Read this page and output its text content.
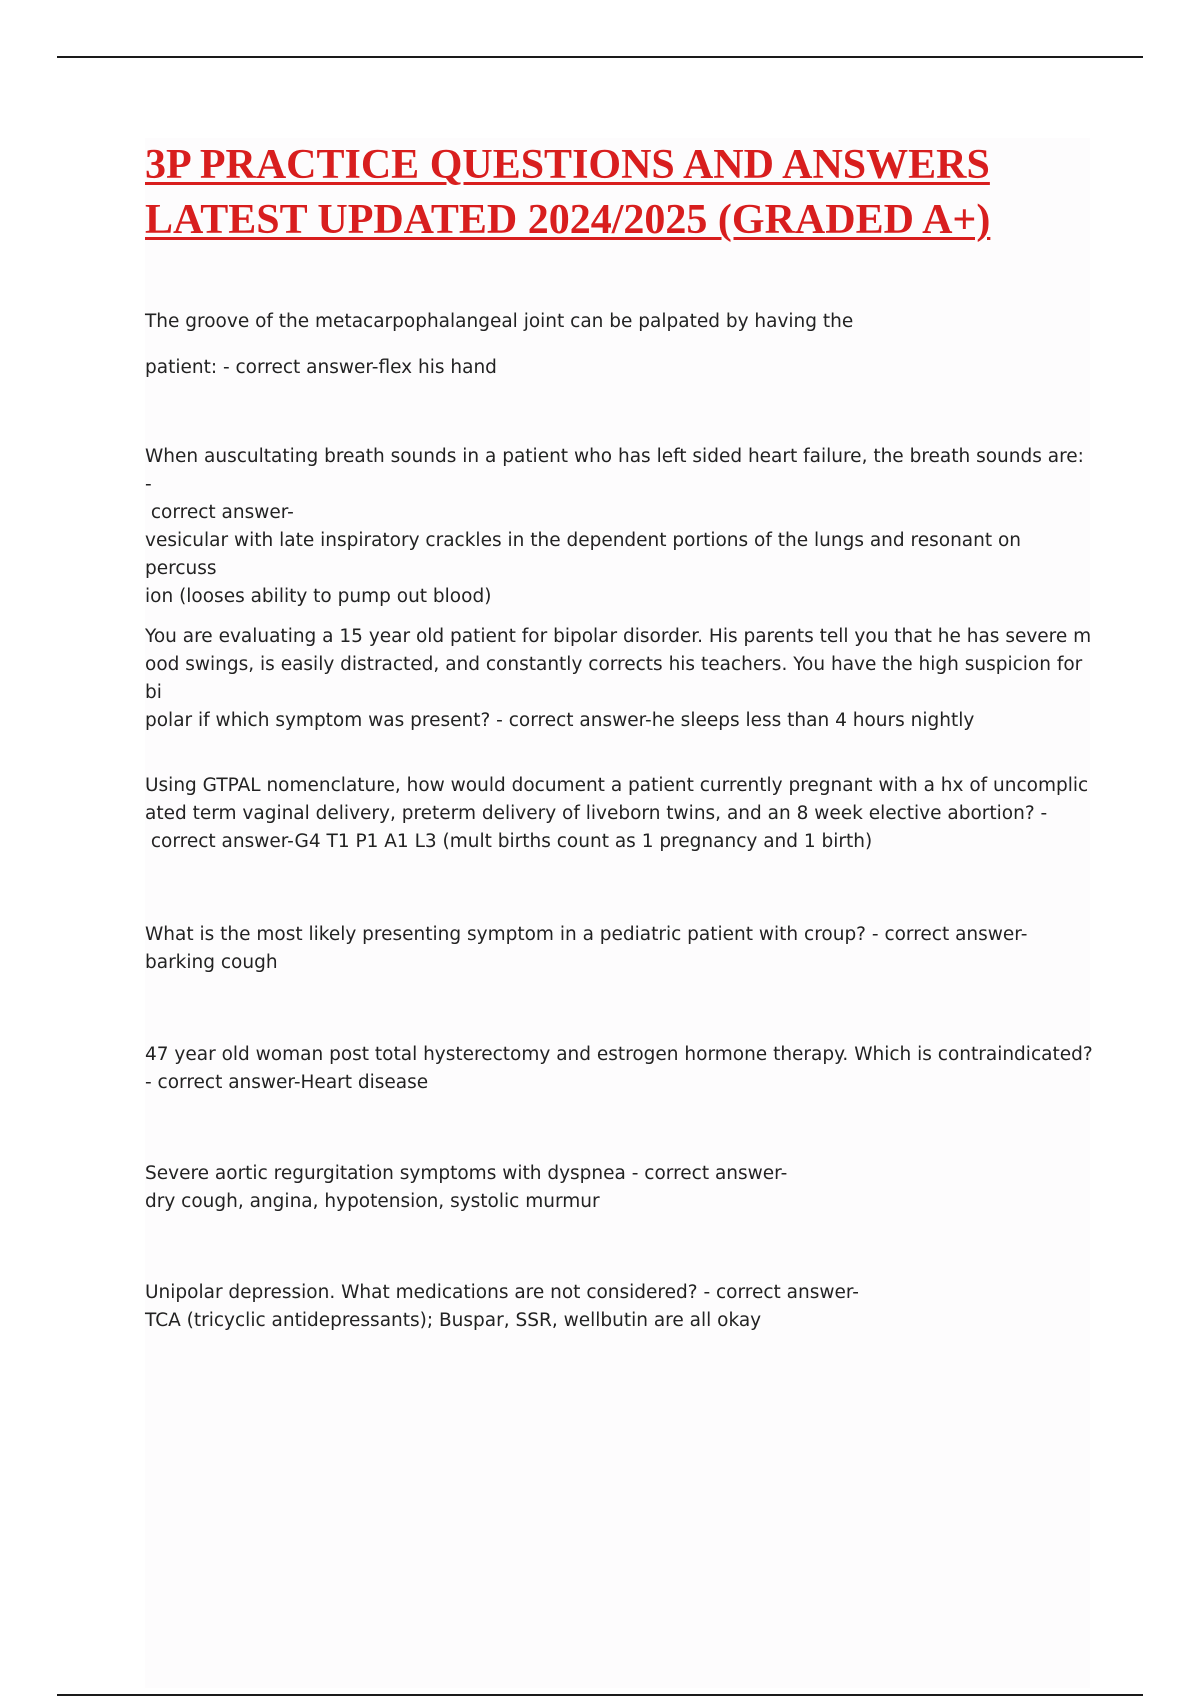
3P PRACTICE QUESTIONS AND ANSWERS
LATEST UPDATED 2024/2025 (GRADED A+)

The groove of the metacarpophalangeal joint can be palpated by having the

patient: - correct answer-flex his hand

When auscultating breath sounds in a patient who has left sided heart failure, the breath sounds are: -

correct answer-

vesicular with late inspiratory crackles in the dependent portions of the lungs and resonant on percuss

ion (looses ability to pump out blood)

You are evaluating a 15 year old patient for bipolar disorder. His parents tell you that he has severe m

ood swings, is easily distracted, and constantly corrects his teachers. You have the high suspicion for bi

polar if which symptom was present? - correct answer-he sleeps less than 4 hours nightly

Using GTPAL nomenclature, how would document a patient currently pregnant with a hx of uncomplic

ated term vaginal delivery, preterm delivery of liveborn twins, and an 8 week elective abortion? -

correct answer-G4 T1 P1 A1 L3 (mult births count as 1 pregnancy and 1 birth)

What is the most likely presenting symptom in a pediatric patient with croup? - correct answer-

barking cough

47 year old woman post total hysterectomy and estrogen hormone therapy. Which is contraindicated?

- correct answer-Heart disease

Severe aortic regurgitation symptoms with dyspnea - correct answer-

dry cough, angina, hypotension, systolic murmur

Unipolar depression. What medications are not considered? - correct answer-

TCA (tricyclic antidepressants); Buspar, SSR, wellbutin are all okay
